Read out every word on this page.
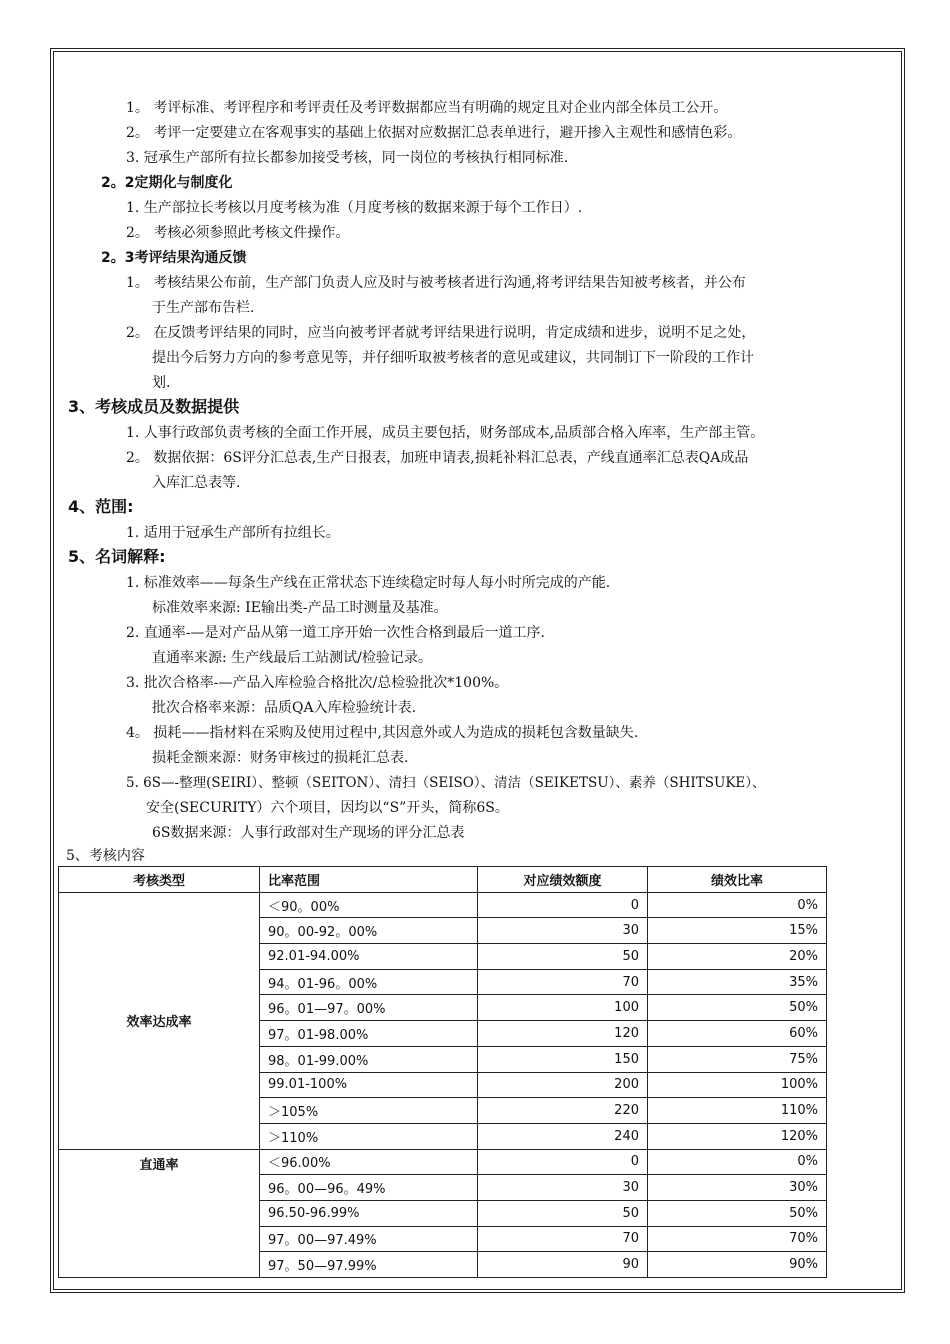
1。 考评标准、考评程序和考评责任及考评数据都应当有明确的规定且对企业内部全体员工公开。
2。 考评一定要建立在客观事实的基础上依据对应数据汇总表单进行，避开掺入主观性和感情色彩。
3. 冠承生产部所有拉长都参加接受考核，同一岗位的考核执行相同标准.
2。2定期化与制度化
1. 生产部拉长考核以月度考核为准（月度考核的数据来源于每个工作日）.
2。 考核必须参照此考核文件操作。
2。3考评结果沟通反馈
1。 考核结果公布前，生产部门负责人应及时与被考核者进行沟通,将考评结果告知被考核者，并公布
于生产部布告栏.
2。 在反馈考评结果的同时，应当向被考评者就考评结果进行说明，肯定成绩和进步，说明不足之处，
提出今后努力方向的参考意见等，并仔细听取被考核者的意见或建议，共同制订下一阶段的工作计
划.
3、考核成员及数据提供
1. 人事行政部负责考核的全面工作开展，成员主要包括，财务部成本,品质部合格入库率，生产部主管。
2。 数据依据：6S评分汇总表,生产日报表，加班申请表,损耗补料汇总表，产线直通率汇总表QA成品
入库汇总表等.
4、范围:
1. 适用于冠承生产部所有拉组长。
5、名词解释:
1. 标准效率——每条生产线在正常状态下连续稳定时每人每小时所完成的产能.
标准效率来源: IE输出类-产品工时测量及基准。
2. 直通率-—是对产品从第一道工序开始一次性合格到最后一道工序.
直通率来源: 生产线最后工站测试/检验记录。
3. 批次合格率-—产品入库检验合格批次/总检验批次*100%。
批次合格率来源：品质QA入库检验统计表.
4。 损耗——指材料在采购及使用过程中,其因意外或人为造成的损耗包含数量缺失.
损耗金额来源：财务审核过的损耗汇总表.
5. 6S—-整理(SEIRI）、整顿（SEITON）、清扫（SEISO）、清洁（SEIKETSU）、素养（SHITSUKE）、
安全(SECURITY）六个项目，因均以“S”开头，简称6S。
6S数据来源：人事行政部对生产现场的评分汇总表
5、考核内容
考核类型	比率范围	对应绩效额度	绩效比率
效率达成率	＜90。00%	0	0%
	90。00-92。00%	30	15%
	92.01-94.00%	50	20%
	94。01-96。00%	70	35%
	96。01—97。00%	100	50%
	97。01-98.00%	120	60%
	98。01-99.00%	150	75%
	99.01-100%	200	100%
	＞105%	220	110%
	＞110%	240	120%
直通率	＜96.00%	0	0%
	96。00—96。49%	30	30%
	96.50-96.99%	50	50%
	97。00—97.49%	70	70%
	97。50—97.99%	90	90%
